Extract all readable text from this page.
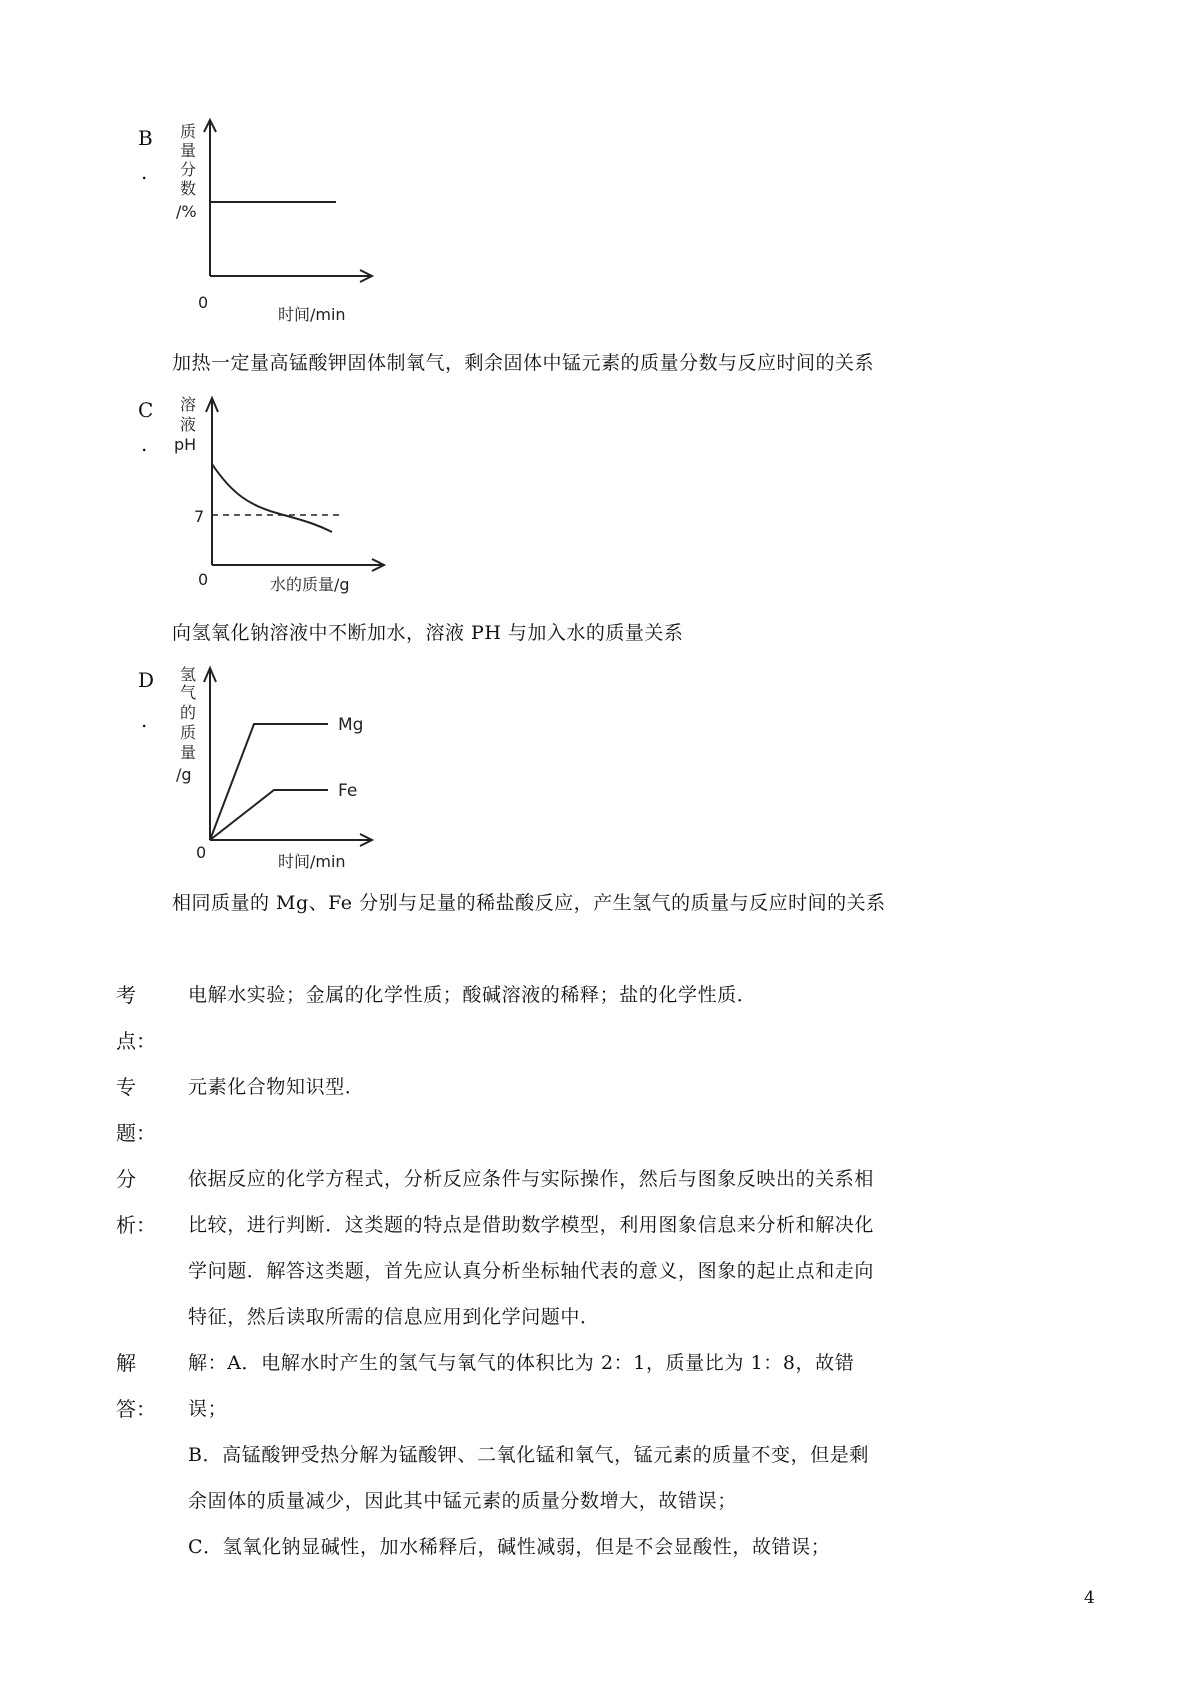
B
.
质
量
分
数
/%
0
时间/min
加热一定量高锰酸钾固体制氧气，剩余固体中锰元素的质量分数与反应时间的关系
C
.
溶
液
pH
7
0	水的质量/g
向氢氧化钠溶液中不断加水，溶液 PH 与加入水的质量关系
D
.
氢
气
的
质
量
/g
Mg
Fe
0	时间/min
相同质量的 Mg、Fe 分别与足量的稀盐酸反应，产生氢气的质量与反应时间的关系
考
点：
电解水实验；金属的化学性质；酸碱溶液的稀释；盐的化学性质．
专
题：
元素化合物知识型．
分
析：
依据反应的化学方程式，分析反应条件与实际操作，然后与图象反映出的关系相
比较，进行判断．这类题的特点是借助数学模型，利用图象信息来分析和解决化
学问题．解答这类题，首先应认真分析坐标轴代表的意义，图象的起止点和走向
特征，然后读取所需的信息应用到化学问题中．
解
答：
解：A．电解水时产生的氢气与氧气的体积比为 2：1，质量比为 1：8，故错误；
B．高锰酸钾受热分解为锰酸钾、二氧化锰和氧气，锰元素的质量不变，但是剩
余固体的质量减少，因此其中锰元素的质量分数增大，故错误；
C．氢氧化钠显碱性，加水稀释后，碱性减弱，但是不会显酸性，故错误；
4
